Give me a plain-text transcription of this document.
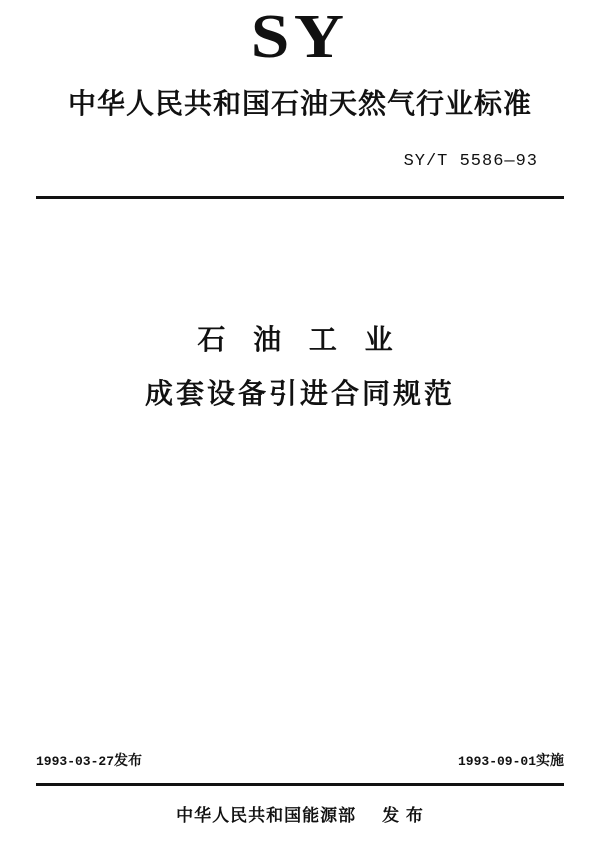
SY
中华人民共和国石油天然气行业标准
SY/T 5586—93
石 油 工 业
成套设备引进合同规范
1993-03-27发布	1993-09-01实施
中华人民共和国能源部 发 布
